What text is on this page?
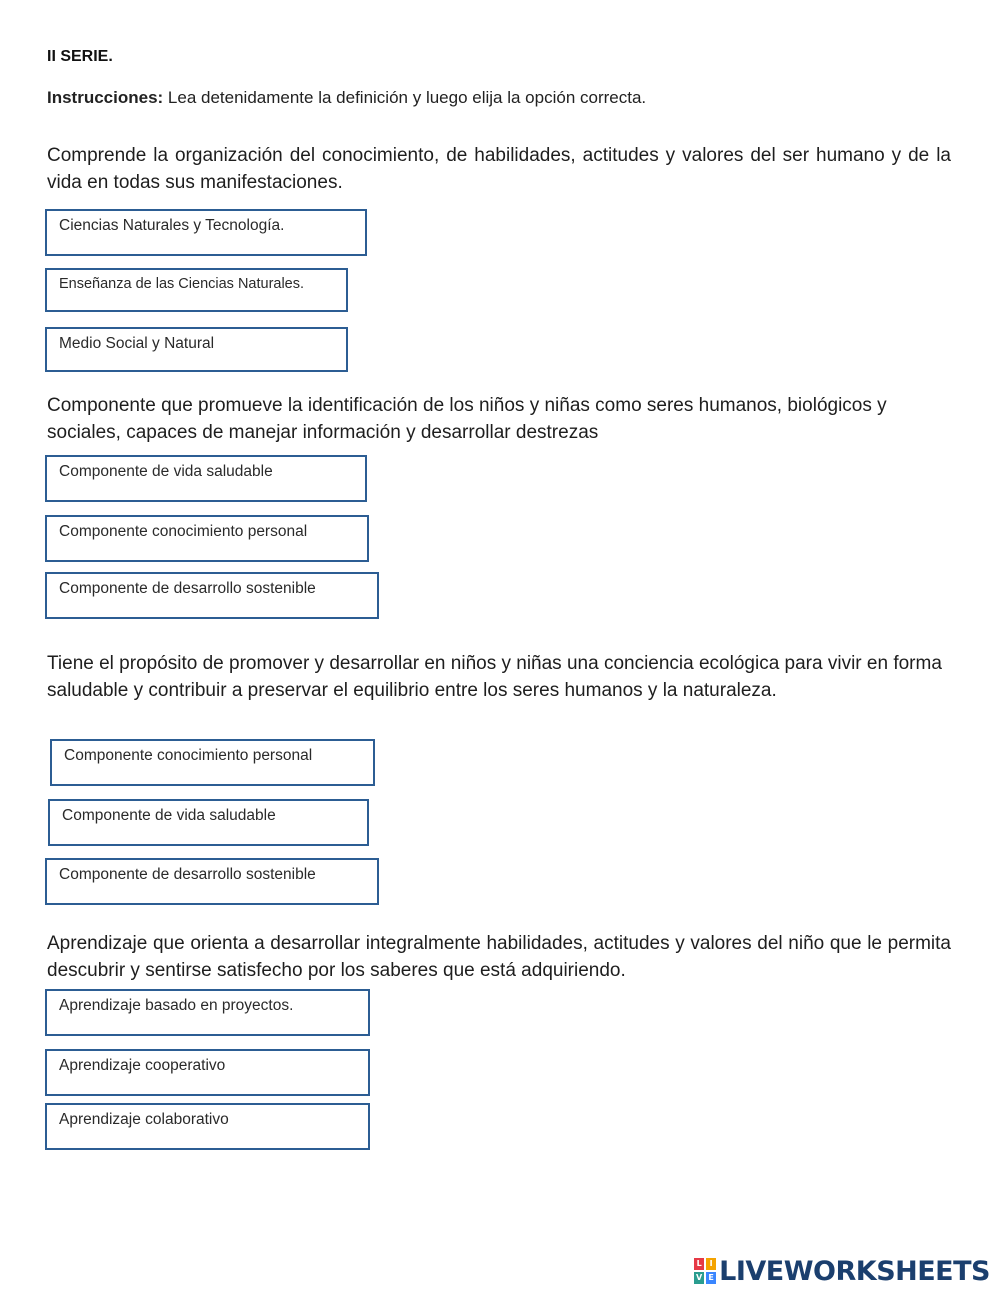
II SERIE.
Instrucciones: Lea detenidamente la definición y luego elija la opción correcta.

Comprende la organización del conocimiento, de habilidades, actitudes y valores del ser humano y de la vida en todas sus manifestaciones.

Ciencias Naturales y Tecnología.
Enseñanza de las Ciencias Naturales.
Medio Social y Natural

Componente que promueve la identificación de los niños y niñas como seres humanos, biológicos y sociales, capaces de manejar información y desarrollar destrezas

Componente de vida saludable
Componente conocimiento personal
Componente de desarrollo sostenible

Tiene el propósito de promover y desarrollar en niños y niñas una conciencia ecológica para vivir en forma saludable y contribuir a preservar el equilibrio entre los seres humanos y la naturaleza.

Componente conocimiento personal
Componente de vida saludable
Componente de desarrollo sostenible

Aprendizaje que orienta a desarrollar integralmente habilidades, actitudes y valores del niño que le permita descubrir y sentirse satisfecho por los saberes que está adquiriendo.

Aprendizaje basado en proyectos.
Aprendizaje cooperativo
Aprendizaje colaborativo
L I
V E LIVEWORKSHEETS
